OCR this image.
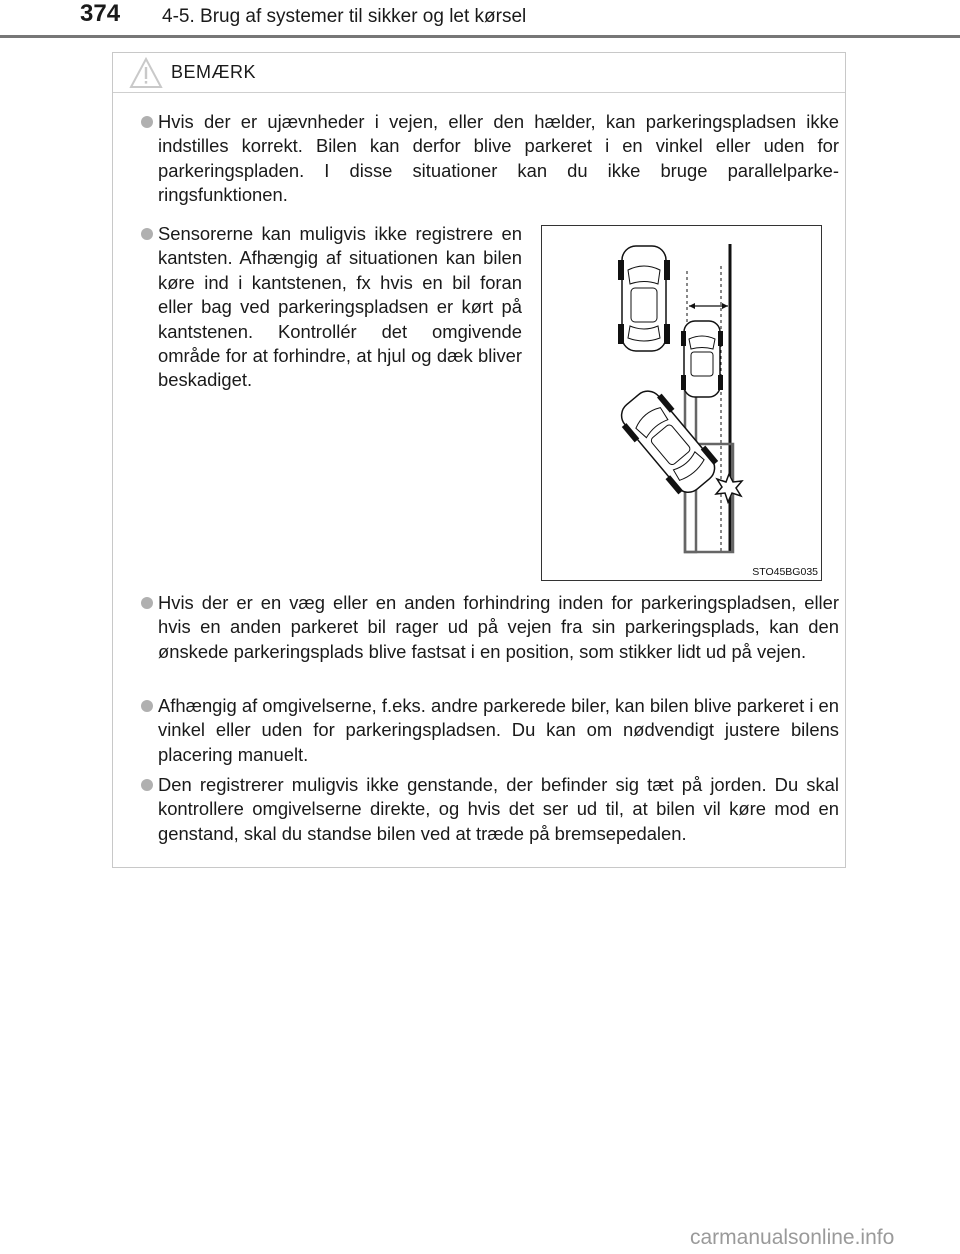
374 4-5. Brug af systemer til sikker og let kørsel
BEMÆRK
Hvis der er ujævnheder i vejen, eller den hælder, kan parkeringspladsen ikke indstilles korrekt. Bilen kan derfor blive parkeret i en vinkel eller uden for parkeringspladen. I disse situationer kan du ikke bruge parallelparkeringsfunktionen.
Sensorerne kan muligvis ikke registrere en kantsten. Afhængig af situationen kan bilen køre ind i kantstenen, fx hvis en bil foran eller bag ved parkeringspladsen er kørt på kantstenen. Kontrollér det omgivende område for at forhindre, at hjul og dæk bliver beskadiget.
STO45BG035
Hvis der er en væg eller en anden forhindring inden for parkeringspladsen, eller hvis en anden parkeret bil rager ud på vejen fra sin parkeringsplads, kan den ønskede parkeringsplads blive fastsat i en position, som stikker lidt ud på vejen.
Afhængig af omgivelserne, f.eks. andre parkerede biler, kan bilen blive parkeret i en vinkel eller uden for parkeringspladsen. Du kan om nødvendigt justere bilens placering manuelt.
Den registrerer muligvis ikke genstande, der befinder sig tæt på jorden. Du skal kontrollere omgivelserne direkte, og hvis det ser ud til, at bilen vil køre mod en genstand, skal du standse bilen ved at træde på bremsepedalen.
carmanualsonline.info
